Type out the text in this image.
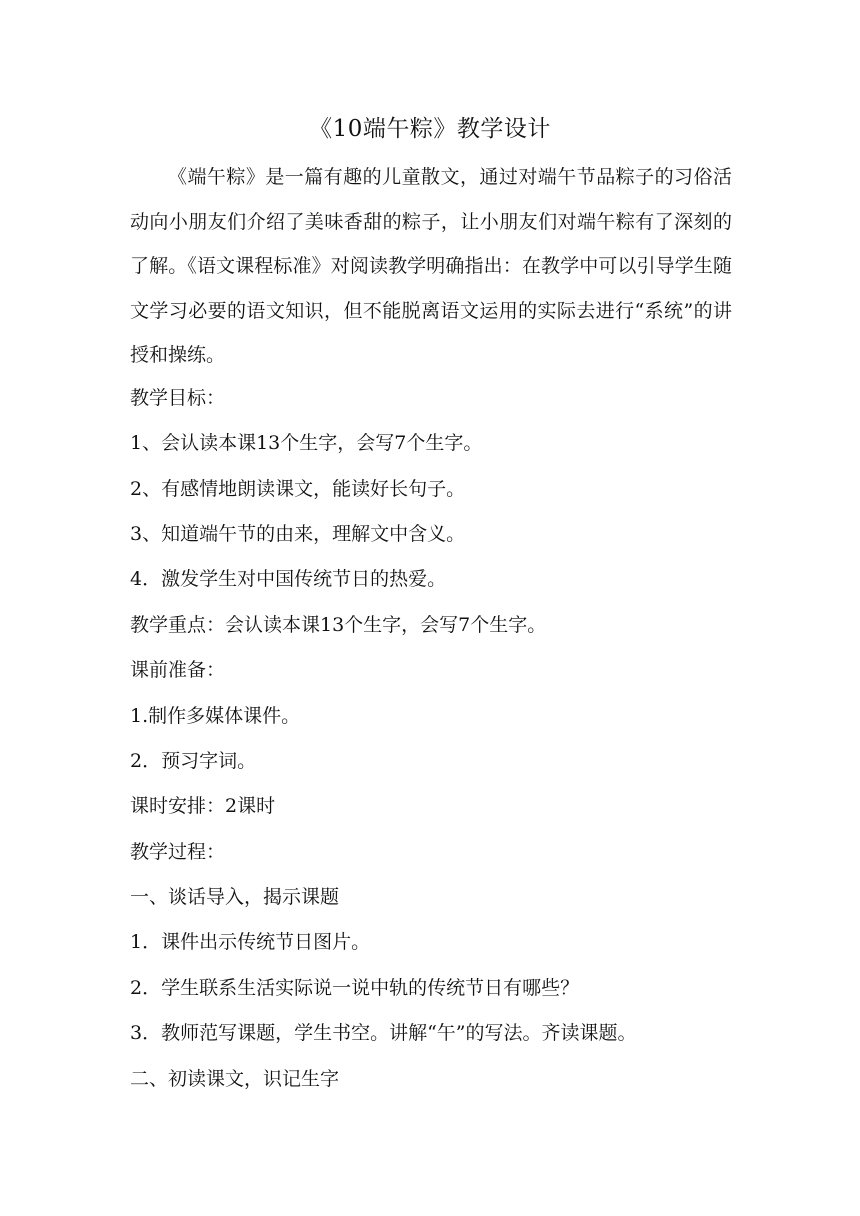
《10端午粽》教学设计

《端午粽》是一篇有趣的儿童散文，通过对端午节品粽子的习俗活动向小朋友们介绍了美味香甜的粽子，让小朋友们对端午粽有了深刻的了解。《语文课程标准》对阅读教学明确指出：在教学中可以引导学生随文学习必要的语文知识，但不能脱离语文运用的实际去进行“系统”的讲授和操练。

教学目标：

1、会认读本课13个生字，会写7个生字。

2、有感情地朗读课文，能读好长句子。

3、知道端午节的由来，理解文中含义。

4．激发学生对中国传统节日的热爱。

教学重点：会认读本课13个生字，会写7个生字。

课前准备：

1.制作多媒体课件。

2．预习字词。

课时安排：2课时

教学过程：

一、谈话导入，揭示课题

1．课件出示传统节日图片。

2．学生联系生活实际说一说中轨的传统节日有哪些？

3．教师范写课题，学生书空。讲解“午”的写法。齐读课题。

二、初读课文，识记生字
